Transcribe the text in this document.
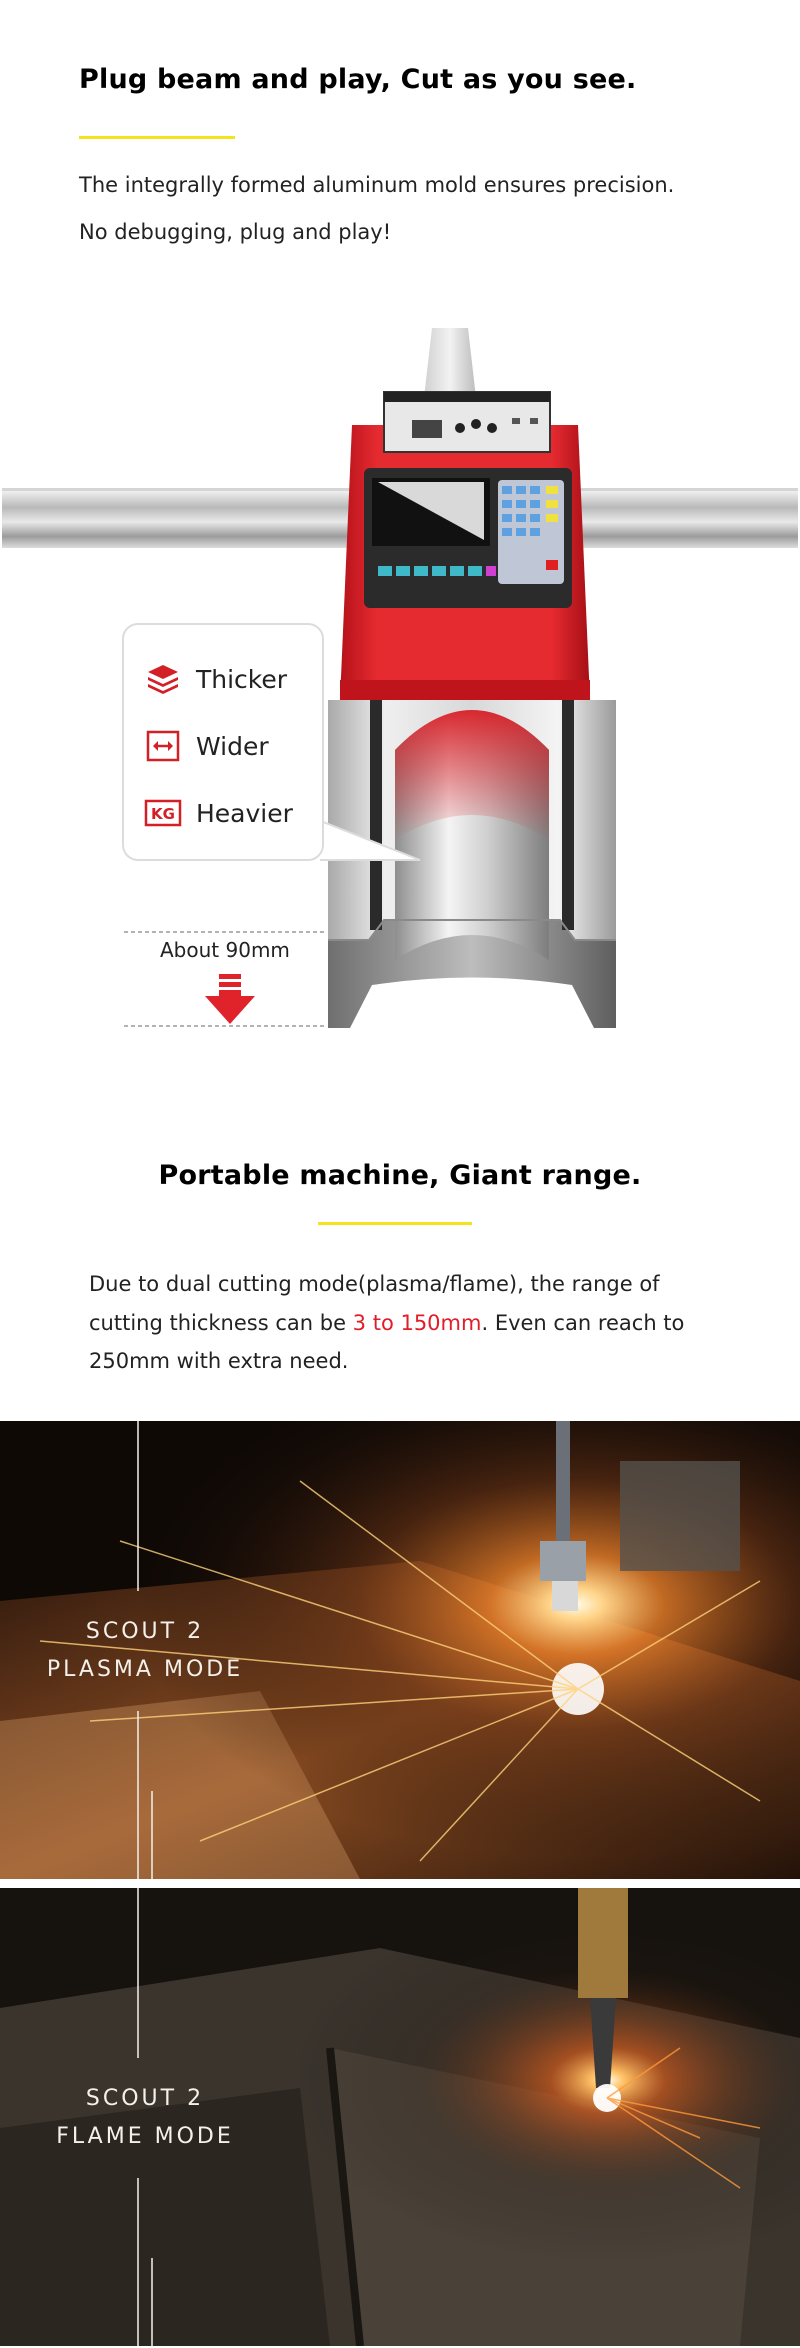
Plug beam and play, Cut as you see.
The integrally formed aluminum mold ensures precision.
No debugging, plug and play!
Thicker
Wider
KG Heavier
About 90mm
Portable machine, Giant range.
Due to dual cutting mode(plasma/flame), the range of cutting thickness can be 3 to 150mm. Even can reach to 250mm with extra need.
SCOUT 2
PLASMA MODE
SCOUT 2
FLAME MODE
